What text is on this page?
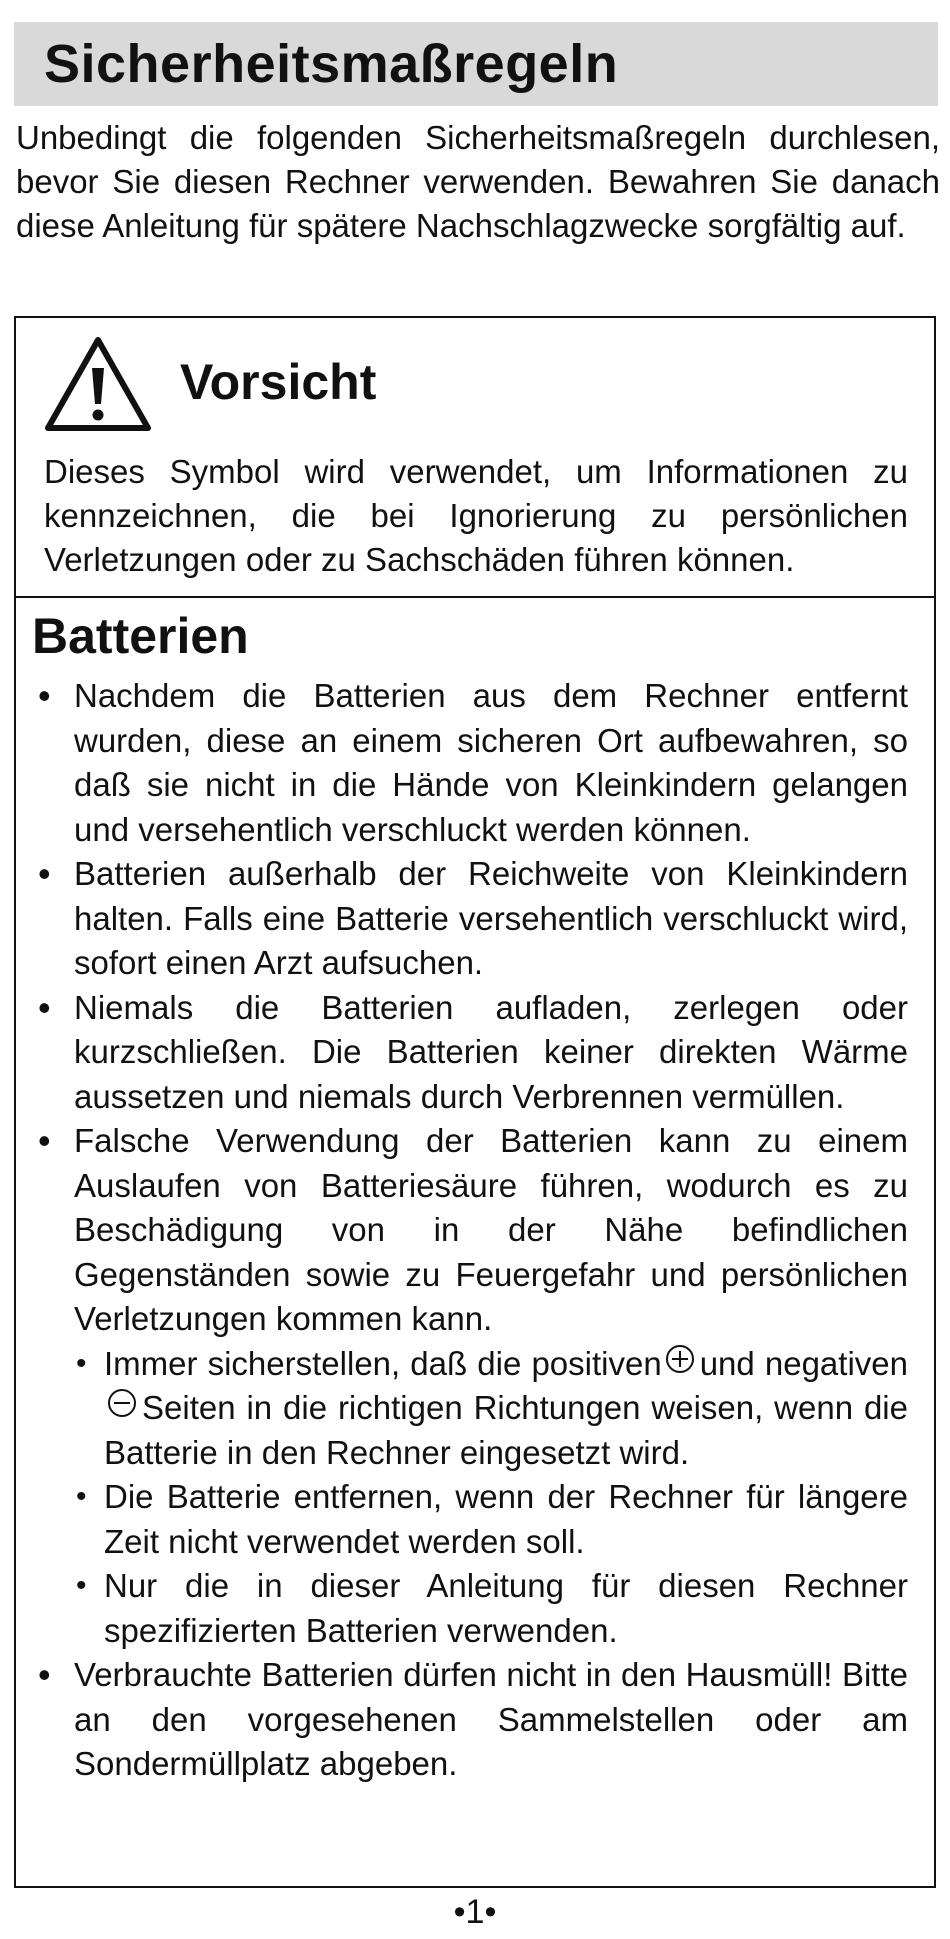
Sicherheitsmaßregeln

Unbedingt die folgenden Sicherheitsmaßregeln durchlesen, bevor Sie diesen Rechner verwenden. Bewahren Sie danach diese Anleitung für spätere Nachschlagzwecke sorgfältig auf.

Vorsicht

Dieses Symbol wird verwendet, um Informationen zu kennzeichnen, die bei Ignorierung zu persönlichen Verletzungen oder zu Sachschäden führen können.

Batterien
• Nachdem die Batterien aus dem Rechner entfernt wurden, diese an einem sicheren Ort aufbewahren, so daß sie nicht in die Hände von Kleinkindern gelangen und versehentlich verschluckt werden können.
• Batterien außerhalb der Reichweite von Kleinkindern halten. Falls eine Batterie versehentlich verschluckt wird, sofort einen Arzt aufsuchen.
• Niemals die Batterien aufladen, zerlegen oder kurzschließen. Die Batterien keiner direkten Wärme aussetzen und niemals durch Verbrennen vermüllen.
• Falsche Verwendung der Batterien kann zu einem Auslaufen von Batteriesäure führen, wodurch es zu Beschädigung von in der Nähe befindlichen Gegenständen sowie zu Feuergefahr und persönlichen Verletzungen kommen kann.
• Immer sicherstellen, daß die positiven und negativenSeiten in die richtigen Richtungen weisen, wenn die Batterie in den Rechner eingesetzt wird.
• Die Batterie entfernen, wenn der Rechner für längere Zeit nicht verwendet werden soll.
• Nur die in dieser Anleitung für diesen Rechner spezifizierten Batterien verwenden.
• Verbrauchte Batterien dürfen nicht in den Hausmüll! Bitte an den vorgesehenen Sammelstellen oder am Sondermüllplatz abgeben.
•1•
